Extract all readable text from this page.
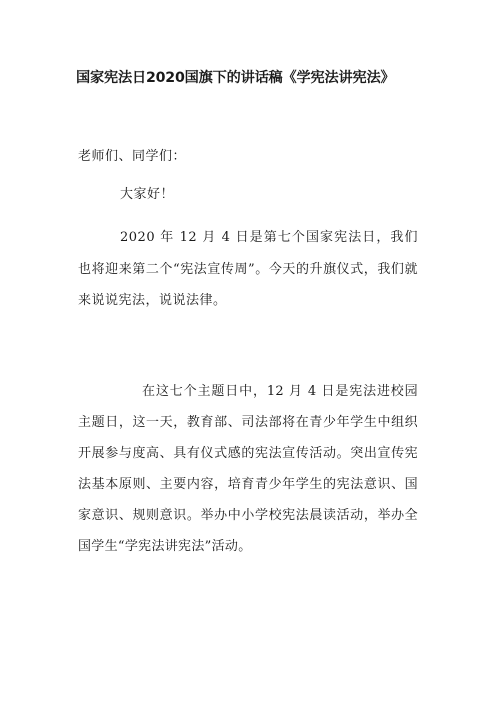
国家宪法日2020国旗下的讲话稿《学宪法讲宪法》
老师们、同学们：
大家好！
2020 年 12 月 4 日是第七个国家宪法日，我们也将迎来第二个“宪法宣传周”。今天的升旗仪式，我们就来说说宪法，说说法律。
在这七个主题日中，12 月 4 日是宪法进校园主题日，这一天，教育部、司法部将在青少年学生中组织开展参与度高、具有仪式感的宪法宣传活动。突出宣传宪法基本原则、主要内容，培育青少年学生的宪法意识、国家意识、规则意识。举办中小学校宪法晨读活动，举办全国学生“学宪法讲宪法”活动。
